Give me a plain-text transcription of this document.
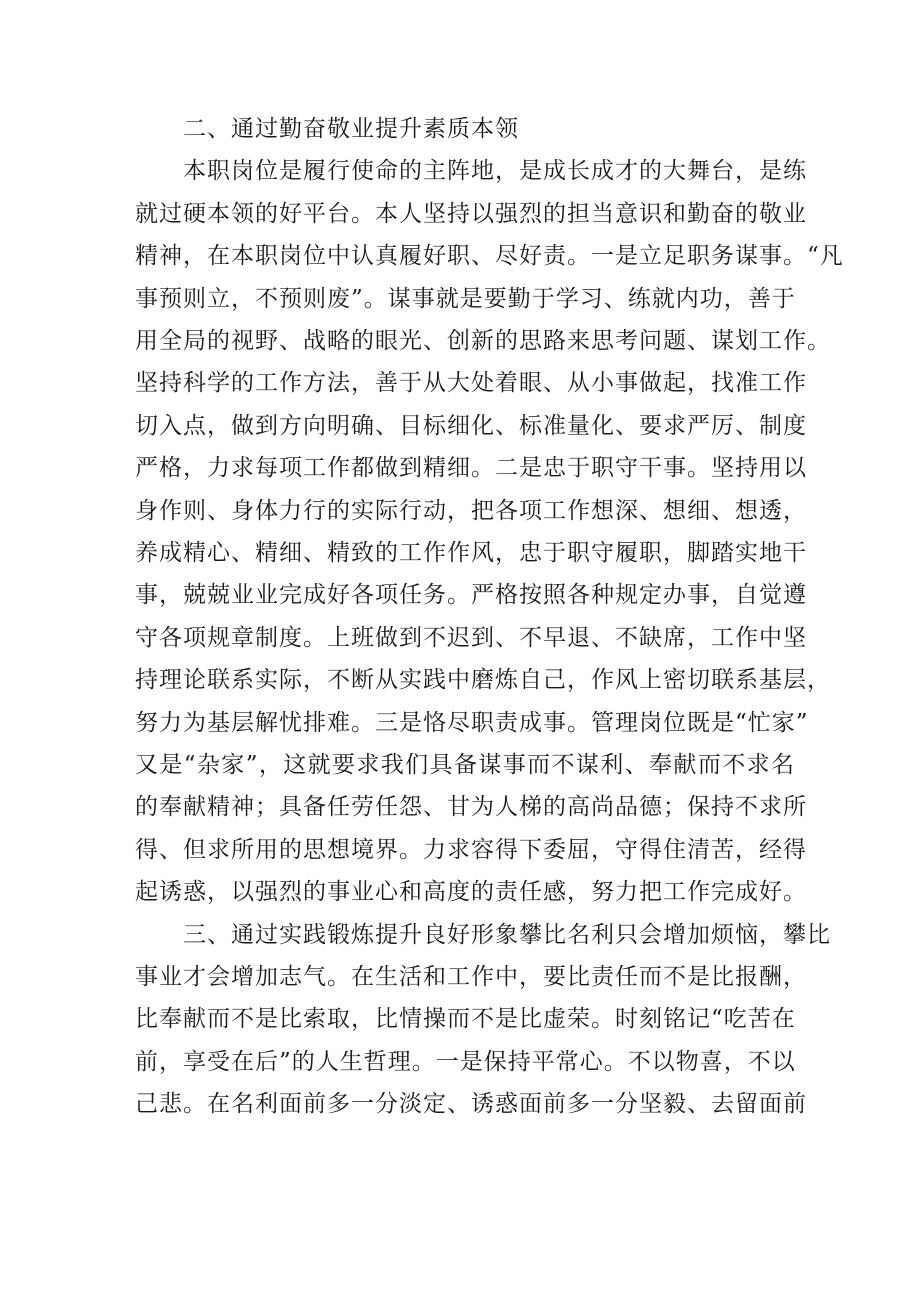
二、通过勤奋敬业提升素质本领

本职岗位是履行使命的主阵地，是成长成才的大舞台，是练

就过硬本领的好平台。本人坚持以强烈的担当意识和勤奋的敬业

精神，在本职岗位中认真履好职、尽好责。一是立足职务谋事。“凡

事预则立，不预则废”。谋事就是要勤于学习、练就内功，善于

用全局的视野、战略的眼光、创新的思路来思考问题、谋划工作。

坚持科学的工作方法，善于从大处着眼、从小事做起，找准工作

切入点，做到方向明确、目标细化、标准量化、要求严厉、制度

严格，力求每项工作都做到精细。二是忠于职守干事。坚持用以

身作则、身体力行的实际行动，把各项工作想深、想细、想透，

养成精心、精细、精致的工作作风，忠于职守履职，脚踏实地干

事，兢兢业业完成好各项任务。严格按照各种规定办事，自觉遵

守各项规章制度。上班做到不迟到、不早退、不缺席，工作中坚

持理论联系实际，不断从实践中磨炼自己，作风上密切联系基层，

努力为基层解忧排难。三是恪尽职责成事。管理岗位既是“忙家”

又是“杂家”，这就要求我们具备谋事而不谋利、奉献而不求名

的奉献精神；具备任劳任怨、甘为人梯的高尚品德；保持不求所

得、但求所用的思想境界。力求容得下委屈，守得住清苦，经得

起诱惑，以强烈的事业心和高度的责任感，努力把工作完成好。

三、通过实践锻炼提升良好形象攀比名利只会增加烦恼，攀比

事业才会增加志气。在生活和工作中，要比责任而不是比报酬，

比奉献而不是比索取，比情操而不是比虚荣。时刻铭记“吃苦在

前，享受在后”的人生哲理。一是保持平常心。不以物喜，不以

己悲。在名利面前多一分淡定、诱惑面前多一分坚毅、去留面前
